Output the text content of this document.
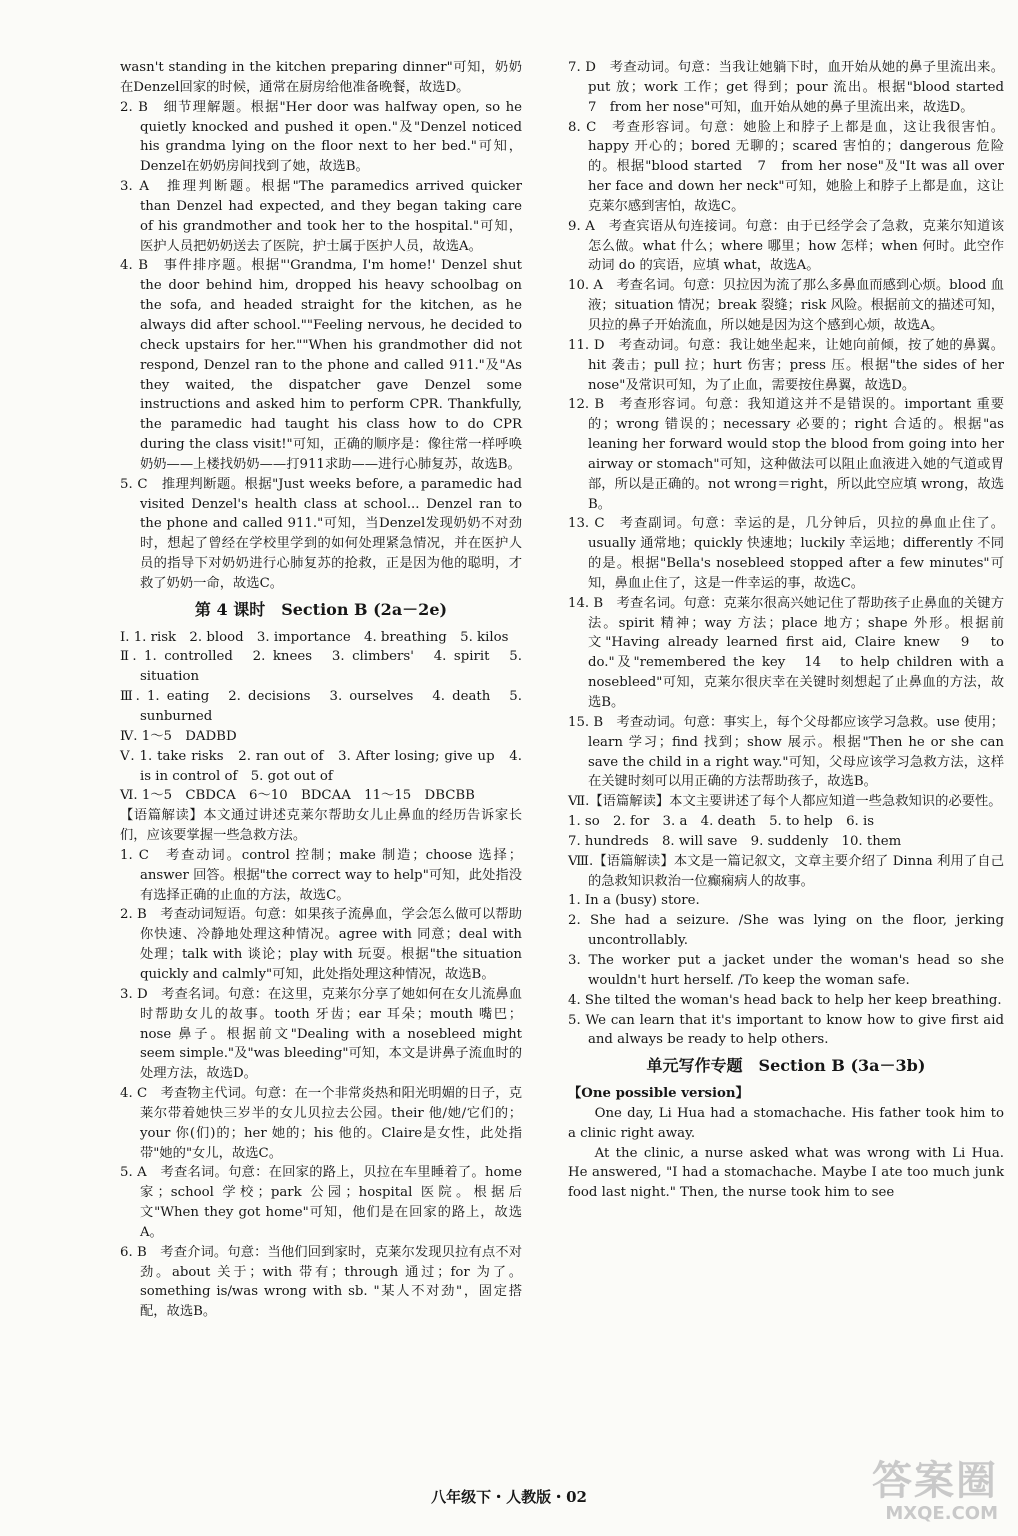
wasn't standing in the kitchen preparing dinner"可知，奶奶在Denzel回家的时候，通常在厨房给他准备晚餐，故选D。

2. B　细节理解题。根据"Her door was halfway open, so he quietly knocked and pushed it open."及"Denzel noticed his grandma lying on the floor next to her bed."可知，Denzel在奶奶房间找到了她，故选B。

3. A　推理判断题。根据"The paramedics arrived quicker than Denzel had expected, and they began taking care of his grandmother and took her to the hospital."可知，医护人员把奶奶送去了医院，护士属于医护人员，故选A。

4. B　事件排序题。根据"'Grandma, I'm home!' Denzel shut the door behind him, dropped his heavy schoolbag on the sofa, and headed straight for the kitchen, as he always did after school.""Feeling nervous, he decided to check upstairs for her.""When his grandmother did not respond, Denzel ran to the phone and called 911."及"As they waited, the dispatcher gave Denzel some instructions and asked him to perform CPR. Thankfully, the paramedic had taught his class how to do CPR during the class visit!"可知，正确的顺序是：像往常一样呼唤奶奶——上楼找奶奶——打911求助——进行心肺复苏，故选B。

5. C　推理判断题。根据"Just weeks before, a paramedic had visited Denzel's health class at school... Denzel ran to the phone and called 911."可知，当Denzel发现奶奶不对劲时，想起了曾经在学校里学到的如何处理紧急情况，并在医护人员的指导下对奶奶进行心肺复苏的抢救，正是因为他的聪明，才救了奶奶一命，故选C。

第 4 课时　Section B (2a－2e)

Ⅰ. 1. risk　2. blood　3. importance　4. breathing　5. kilos

Ⅱ. 1. controlled　2. knees　3. climbers'　4. spirit　5. situation

Ⅲ. 1. eating　2. decisions　3. ourselves　4. death　5. sunburned

Ⅳ. 1～5　DADBD

Ⅴ. 1. take risks　2. ran out of　3. After losing; give up　4. is in control of　5. got out of

Ⅵ. 1～5　CBDCA　6～10　BDCAA　11～15　DBCBB

【语篇解读】本文通过讲述克莱尔帮助女儿止鼻血的经历告诉家长们，应该要掌握一些急救方法。

1. C　考查动词。control 控制；make 制造；choose 选择；answer 回答。根据"the correct way to help"可知，此处指没有选择正确的止血的方法，故选C。

2. B　考查动词短语。句意：如果孩子流鼻血，学会怎么做可以帮助你快速、冷静地处理这种情况。agree with 同意；deal with 处理；talk with 谈论；play with 玩耍。根据"the situation quickly and calmly"可知，此处指处理这种情况，故选B。

3. D　考查名词。句意：在这里，克莱尔分享了她如何在女儿流鼻血时帮助女儿的故事。tooth 牙齿；ear 耳朵；mouth 嘴巴；nose 鼻子。根据前文"Dealing with a nosebleed might seem simple."及"was bleeding"可知，本文是讲鼻子流血时的处理方法，故选D。

4. C　考查物主代词。句意：在一个非常炎热和阳光明媚的日子，克莱尔带着她快三岁半的女儿贝拉去公园。their 他/她/它们的；your 你(们)的；her 她的；his 他的。Claire是女性，此处指带"她的"女儿，故选C。

5. A　考查名词。句意：在回家的路上，贝拉在车里睡着了。home 家；school 学校；park 公园；hospital 医院。根据后文"When they got home"可知，他们是在回家的路上，故选A。

6. B　考查介词。句意：当他们回到家时，克莱尔发现贝拉有点不对劲。about 关于；with 带有；through 通过；for 为了。something is/was wrong with sb. "某人不对劲"，固定搭配，故选B。

7. D　考查动词。句意：当我让她躺下时，血开始从她的鼻子里流出来。put 放；work 工作；get 得到；pour 流出。根据"blood started　7　from her nose"可知，血开始从她的鼻子里流出来，故选D。

8. C　考查形容词。句意：她脸上和脖子上都是血，这让我很害怕。happy 开心的；bored 无聊的；scared 害怕的；dangerous 危险的。根据"blood started　7　from her nose"及"It was all over her face and down her neck"可知，她脸上和脖子上都是血，这让克莱尔感到害怕，故选C。

9. A　考查宾语从句连接词。句意：由于已经学会了急救，克莱尔知道该怎么做。what 什么；where 哪里；how 怎样；when 何时。此空作动词 do 的宾语，应填 what，故选A。

10. A　考查名词。句意：贝拉因为流了那么多鼻血而感到心烦。blood 血液；situation 情况；break 裂缝；risk 风险。根据前文的描述可知，贝拉的鼻子开始流血，所以她是因为这个感到心烦，故选A。

11. D　考查动词。句意：我让她坐起来，让她向前倾，按了她的鼻翼。hit 袭击；pull 拉；hurt 伤害；press 压。根据"the sides of her nose"及常识可知，为了止血，需要按住鼻翼，故选D。

12. B　考查形容词。句意：我知道这并不是错误的。important 重要的；wrong 错误的；necessary 必要的；right 合适的。根据"as leaning her forward would stop the blood from going into her airway or stomach"可知，这种做法可以阻止血液进入她的气道或胃部，所以是正确的。not wrong＝right，所以此空应填 wrong，故选B。

13. C　考查副词。句意：幸运的是，几分钟后，贝拉的鼻血止住了。usually 通常地；quickly 快速地；luckily 幸运地；differently 不同的是。根据"Bella's nosebleed stopped after a few minutes"可知，鼻血止住了，这是一件幸运的事，故选C。

14. B　考查名词。句意：克莱尔很高兴她记住了帮助孩子止鼻血的关键方法。spirit 精神；way 方法；place 地方；shape 外形。根据前文"Having already learned first aid, Claire knew　9　to do."及"remembered the key　14　to help children with a nosebleed"可知，克莱尔很庆幸在关键时刻想起了止鼻血的方法，故选B。

15. B　考查动词。句意：事实上，每个父母都应该学习急救。use 使用；learn 学习；find 找到；show 展示。根据"Then he or she can save the child in a right way."可知，父母应该学习急救方法，这样在关键时刻可以用正确的方法帮助孩子，故选B。

Ⅶ.【语篇解读】本文主要讲述了每个人都应知道一些急救知识的必要性。

1. so　2. for　3. a　4. death　5. to help　6. is

7. hundreds　8. will save　9. suddenly　10. them

Ⅷ.【语篇解读】本文是一篇记叙文，文章主要介绍了 Dinna 利用了自己的急救知识救治一位癫痫病人的故事。

1. In a (busy) store.

2. She had a seizure. /She was lying on the floor, jerking uncontrollably.

3. The worker put a jacket under the woman's head so she wouldn't hurt herself. /To keep the woman safe.

4. She tilted the woman's head back to help her keep breathing.

5. We can learn that it's important to know how to give first aid and always be ready to help others.

单元写作专题　Section B (3a－3b)

【One possible version】

One day, Li Hua had a stomachache. His father took him to a clinic right away.

At the clinic, a nurse asked what was wrong with Li Hua. He answered, "I had a stomachache. Maybe I ate too much junk food last night." Then, the nurse took him to see

八年级下・人教版・02	答案圈
MXQE.COM
